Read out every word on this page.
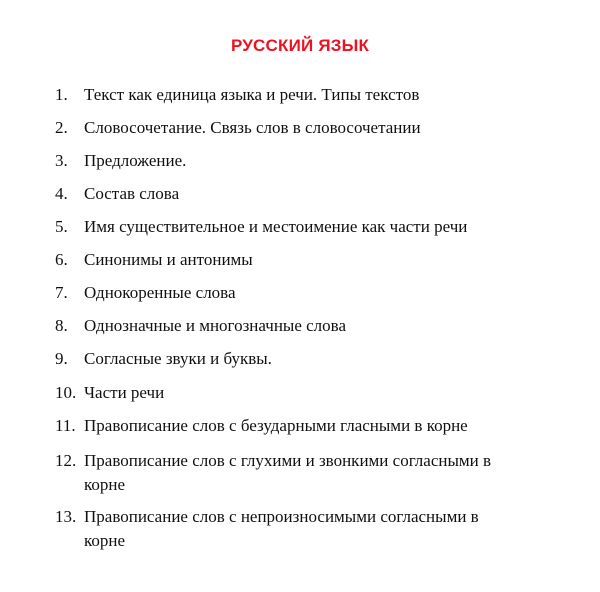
РУССКИЙ ЯЗЫК
1. Текст как единица языка и речи. Типы текстов
2. Словосочетание. Связь слов в словосочетании
3. Предложение.
4. Состав слова
5. Имя существительное и местоимение как части речи
6. Синонимы и антонимы
7. Однокоренные слова
8. Однозначные и многозначные слова
9. Согласные звуки и буквы.
10. Части речи
11. Правописание слов с безударными гласными в корне
12. Правописание слов с глухими и звонкими согласными в корне
13. Правописание слов с непроизносимыми согласными в корне
